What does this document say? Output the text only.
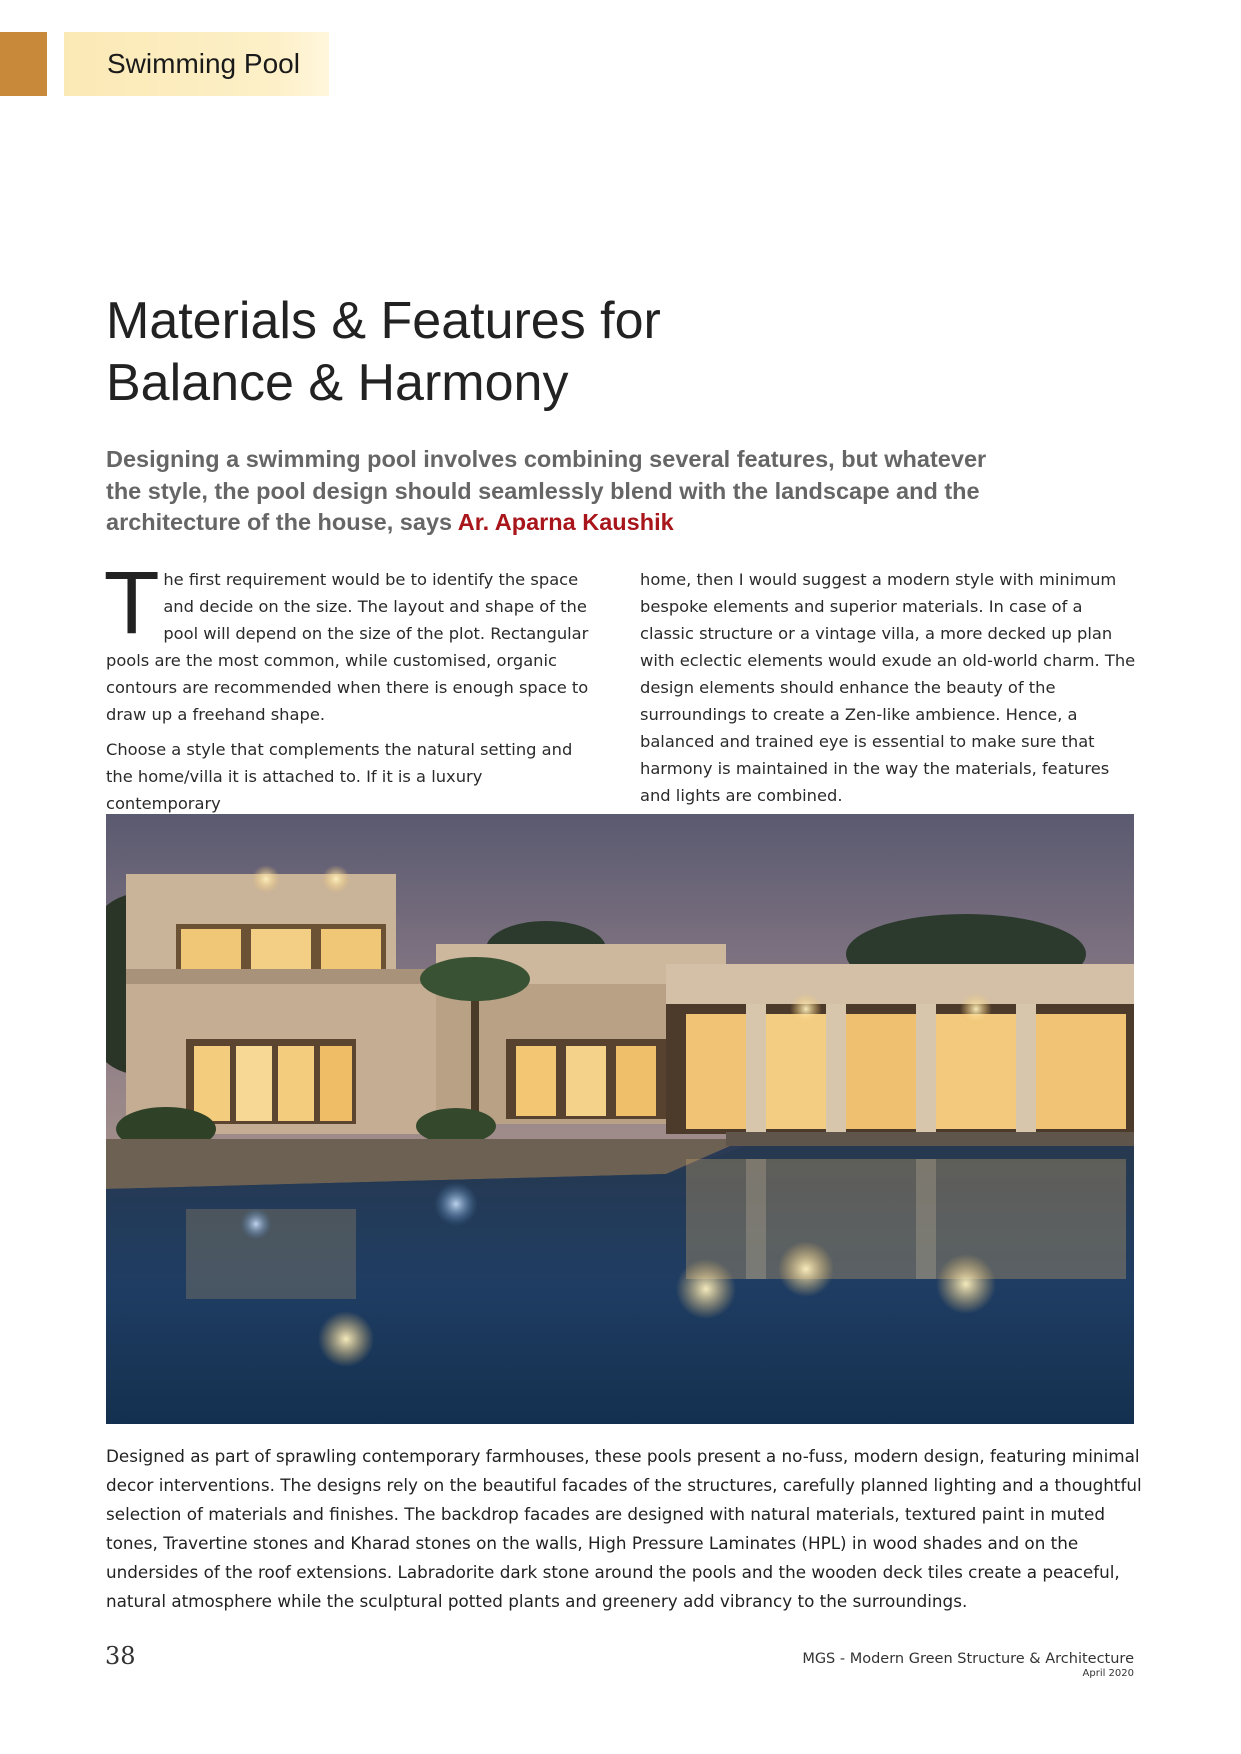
Swimming Pool
Materials & Features for
Balance & Harmony

Designing a swimming pool involves combining several features, but whatever the style, the pool design should seamlessly blend with the landscape and the architecture of the house, says Ar. Aparna Kaushik

The first requirement would be to identify the space and decide on the size. The layout and shape of the pool will depend on the size of the plot. Rectangular pools are the most common, while customised, organic contours are recommended when there is enough space to draw up a freehand shape.

Choose a style that complements the natural setting and the home/villa it is attached to. If it is a luxury contemporary

home, then I would suggest a modern style with minimum bespoke elements and superior materials. In case of a classic structure or a vintage villa, a more decked up plan with eclectic elements would exude an old-world charm. The design elements should enhance the beauty of the surroundings to create a Zen-like ambience. Hence, a balanced and trained eye is essential to make sure that harmony is maintained in the way the materials, features and lights are combined.

Designed as part of sprawling contemporary farmhouses, these pools present a no-fuss, modern design, featuring minimal decor interventions. The designs rely on the beautiful facades of the structures, carefully planned lighting and a thoughtful selection of materials and finishes. The backdrop facades are designed with natural materials, textured paint in muted tones, Travertine stones and Kharad stones on the walls, High Pressure Laminates (HPL) in wood shades and on the undersides of the roof extensions. Labradorite dark stone around the pools and the wooden deck tiles create a peaceful, natural atmosphere while the sculptural potted plants and greenery add vibrancy to the surroundings.

38	MGS - Modern Green Structure & Architecture
April 2020
